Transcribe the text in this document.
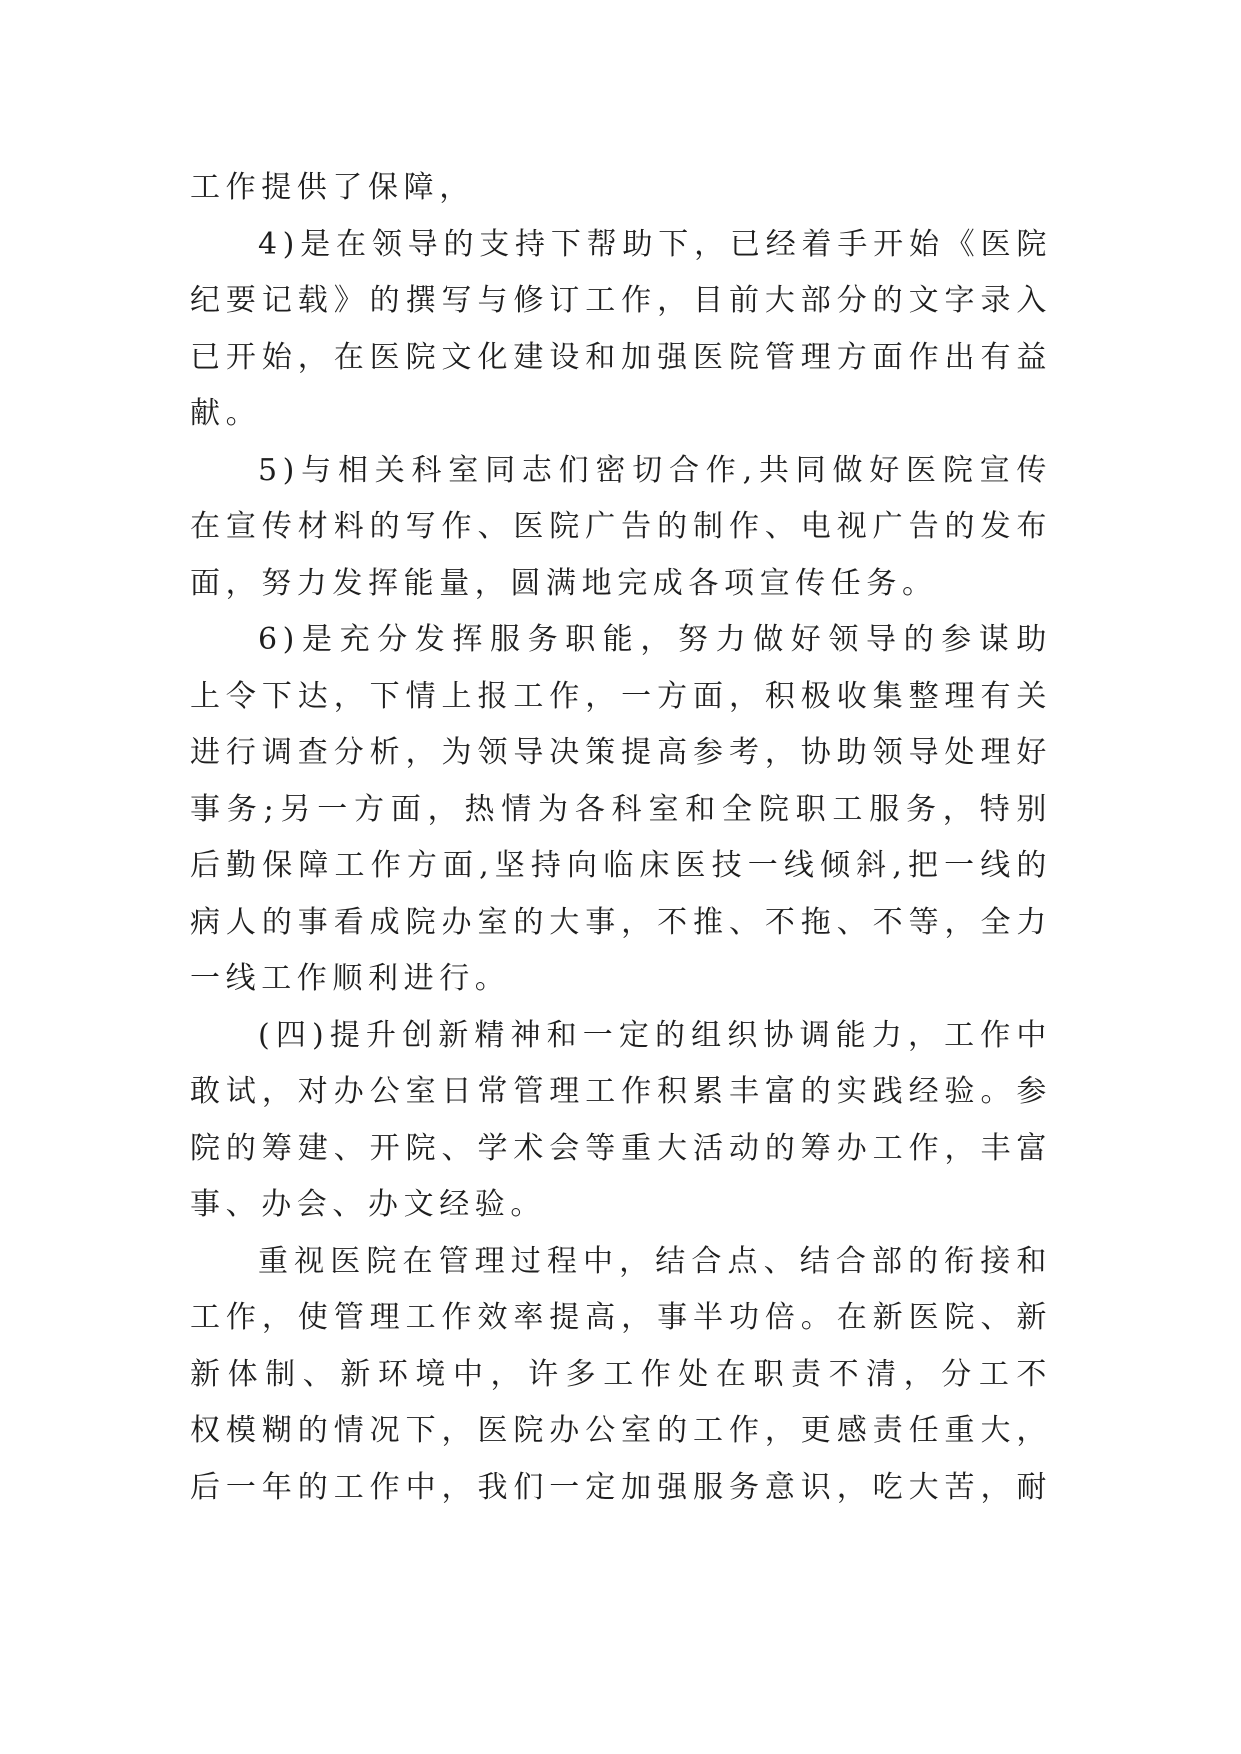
工作提供了保障，
4)是在领导的支持下帮助下，已经着手开始《医院
纪要记载》的撰写与修订工作，目前大部分的文字录入
已开始，在医院文化建设和加强医院管理方面作出有益
献。
5)与相关科室同志们密切合作,共同做好医院宣传
在宣传材料的写作、医院广告的制作、电视广告的发布
面，努力发挥能量，圆满地完成各项宣传任务。
6)是充分发挥服务职能，努力做好领导的参谋助
上令下达，下情上报工作，一方面，积极收集整理有关
进行调查分析，为领导决策提高参考，协助领导处理好
事务;另一方面，热情为各科室和全院职工服务，特别
后勤保障工作方面,坚持向临床医技一线倾斜,把一线的
病人的事看成院办室的大事，不推、不拖、不等，全力
一线工作顺利进行。
(四)提升创新精神和一定的组织协调能力，工作中
敢试，对办公室日常管理工作积累丰富的实践经验。参
院的筹建、开院、学术会等重大活动的筹办工作，丰富
事、办会、办文经验。
重视医院在管理过程中，结合点、结合部的衔接和
工作，使管理工作效率提高，事半功倍。在新医院、新
新体制、新环境中，许多工作处在职责不清，分工不
权模糊的情况下，医院办公室的工作，更感责任重大，
后一年的工作中，我们一定加强服务意识，吃大苦，耐
